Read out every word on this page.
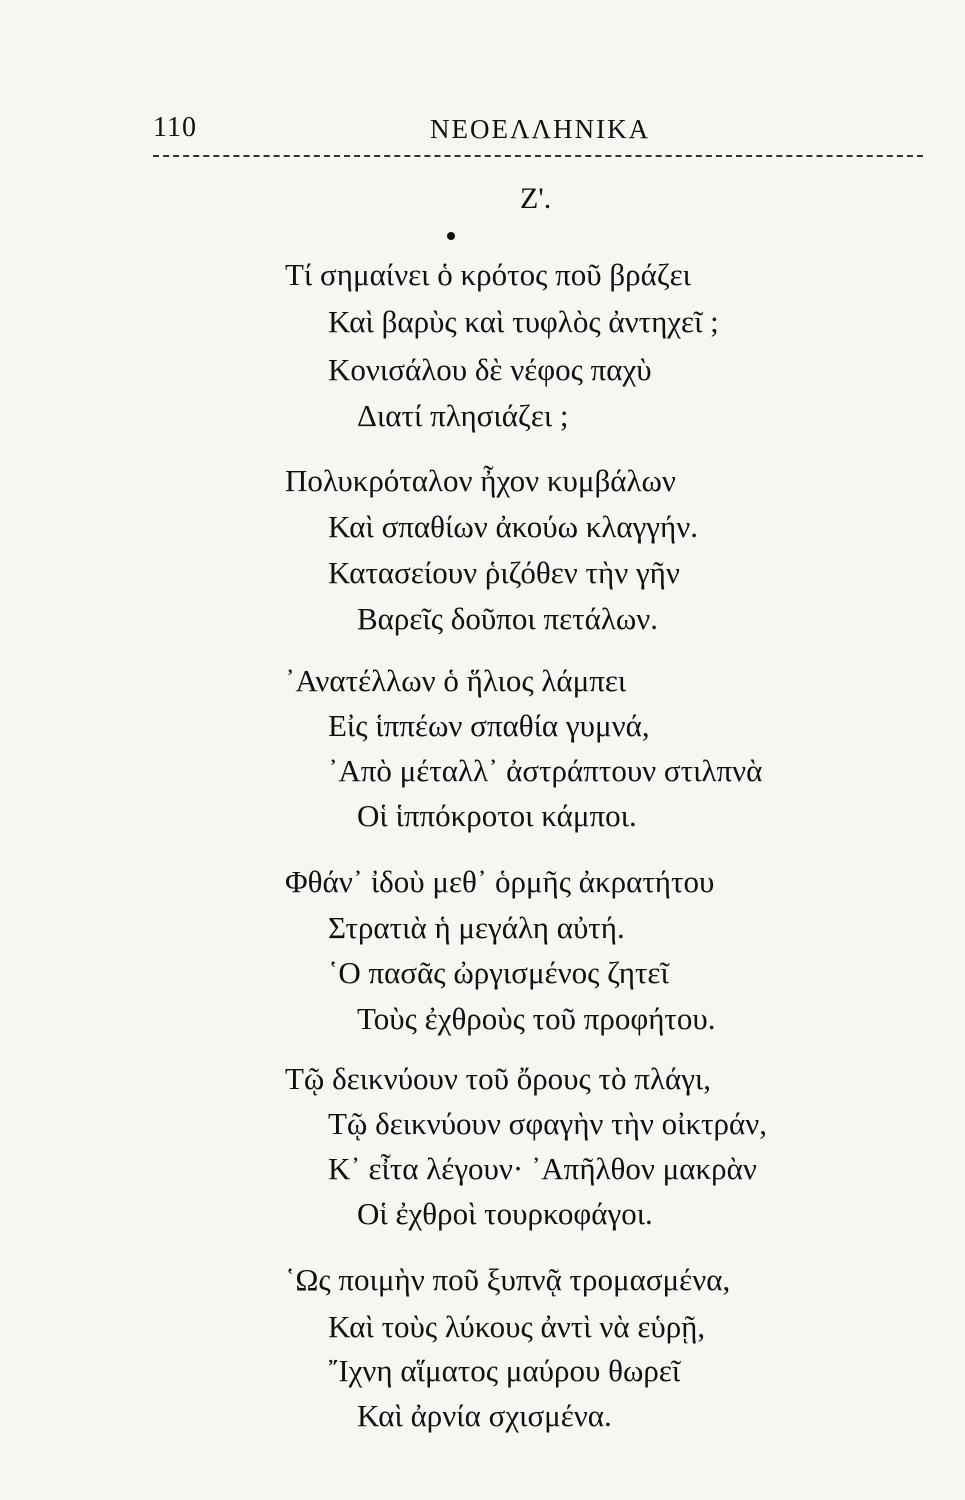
110	ΝΕΟΕΛΛΗΝΙΚΑ
Ζ'.
Τί σημαίνει ὁ κρότος ποῦ βράζει
Καὶ βαρὺς καὶ τυφλὸς ἀντηχεῖ ;
Κονισάλου δὲ νέφος παχὺ
Διατί πλησιάζει ;
Πολυκρόταλον ἦχον κυμβάλων
Καὶ σπαθίων ἀκούω κλαγγήν.
Κατασείουν ῥιζόθεν τὴν γῆν
Βαρεῖς δοῦποι πετάλων.
᾿Ανατέλλων ὁ ἥλιος λάμπει
Εἰς ἱππέων σπαθία γυμνά,
᾿Απὸ μέταλλ᾿ ἀστράπτουν στιλπνὰ
Οἱ ἱππόκροτοι κάμποι.
Φθάν᾿ ἰδοὺ μεθ᾿ ὁρμῆς ἀκρατήτου
Στρατιὰ ἡ μεγάλη αὐτή.
῾Ο πασᾶς ὠργισμένος ζητεῖ
Τοὺς ἐχθροὺς τοῦ προφήτου.
Τῷ δεικνύουν τοῦ ὄρους τὸ πλάγι,
Τῷ δεικνύουν σφαγὴν τὴν οἰκτράν,
Κ᾿ εἶτα λέγουν· ᾿Απῆλθον μακρὰν
Οἱ ἐχθροὶ τουρκοφάγοι.
῾Ως ποιμὴν ποῦ ξυπνᾷ τρομασμένα,
Καὶ τοὺς λύκους ἀντὶ νὰ εὑρῇ,
῎Ιχνη αἵματος μαύρου θωρεῖ
Καὶ ἀρνία σχισμένα.
